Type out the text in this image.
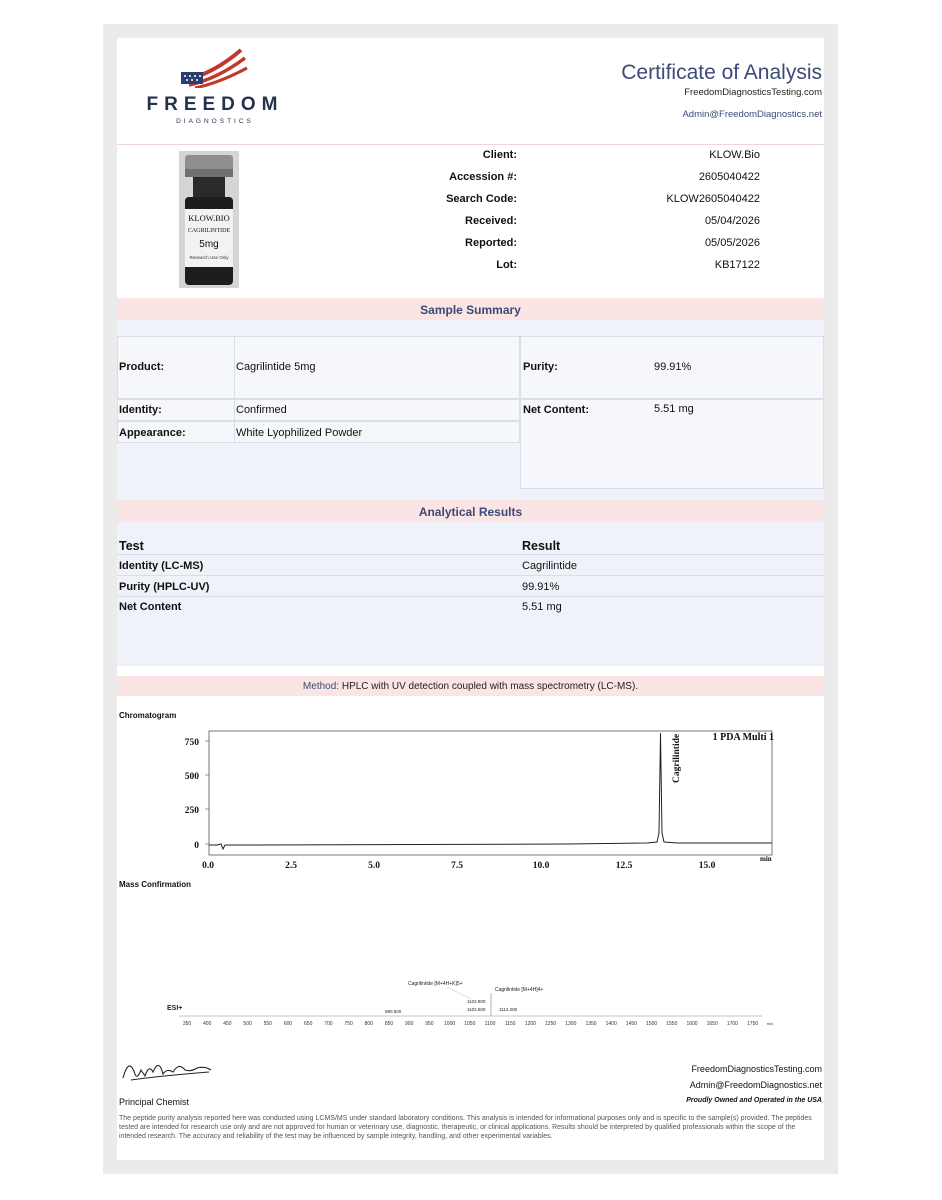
FREEDOM
DIAGNOSTICS
Certificate of Analysis
FreedomDiagnosticsTesting.com
Admin@FreedomDiagnostics.net
KLOW.BIO
CAGRILINTIDE
5mg
Research Use Only
Client:	KLOW.Bio
Accession #:	2605040422
Search Code:	KLOW2605040422
Received:	05/04/2026
Reported:	05/05/2026
Lot:	KB17122
Sample Summary
Product:	Cagrilintide 5mg	Purity:	99.91%
Identity:	Confirmed	Net Content:	5.51 mg
Appearance:	White Lyophilized Powder
Analytical Results
Test	Result
Identity (LC-MS)	Cagrilintide
Purity (HPLC-UV)	99.91%
Net Content	5.51 mg
Method: HPLC with UV detection coupled with mass spectrometry (LC-MS).
Chromatogram
750
500
250
0
0.0	2.5	5.0	7.5	10.0	12.5	15.0
min
1 PDA Multi 1
Cagrilintide
Mass Confirmation
ESI+
Cagrilintide [M+4H+K]5+
Cagrilintide [M+4H]4+
890.500
1102.800
1102.600	1112.200
350 400 450 500 550 600 650 700 750 800 850 900 950 1000 1050 1100 1150 1200 1250 1300 1350 1400 1450 1500 1550 1600 1650 1700 1750 m/z
Principal Chemist
FreedomDiagnosticsTesting.com
Admin@FreedomDiagnostics.net
Proudly Owned and Operated in the USA
The peptide purity analysis reported here was conducted using LCMS/MS under standard laboratory conditions. This analysis is intended for informational purposes only and is specific to the sample(s) provided. The peptides tested are intended for research use only and are not approved for human or veterinary use, diagnostic, therapeutic, or clinical applications. Results should be interpreted by qualified professionals within the scope of the intended research. The accuracy and reliability of the test may be influenced by sample integrity, handling, and other experimental variables.
